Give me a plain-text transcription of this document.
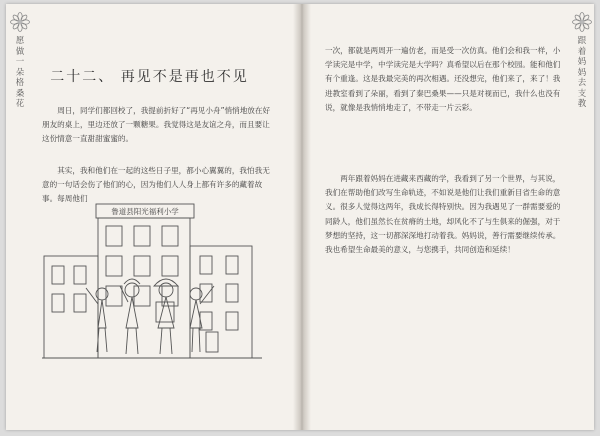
愿做一朵格桑花
二十二、 再见不是再也不见

周日，同学们都回校了，我提前折好了“再见小舟”悄悄地放在好朋友的桌上，里边还放了一颗糖果。我觉得这是友谊之舟，而且要让这份情意一直甜甜蜜蜜的。

其实，我和他们在一起的这些日子里，都小心翼翼的，我怕我无意的一句话会伤了他们的心，因为他们人人身上都有许多的藏着故事。每周他们

鲁道县阳光福利小学

一次，都就是两周开一遍仿老，而是受一次仿真。他们会和我一样，小学读完是中学，中学读完是大学吗？真希望以后在那个校园。能和他们有个重逢。这是我最完美的再次相遇。还没想完，他们来了，来了！我进教室看到了朵丽，看到了秦巴桑果——只是对视而已，我什么也没有说，就像是我悄悄地走了，不带走一片云彩。

两年跟着妈妈在进藏来西藏的学，我看到了另一个世界，与其说，我们在帮助他们改写生命轨迹，不如说是他们让我们重新目省生命的意义。很多人觉得这两年，我成长得特别快。因为我遇见了一群需要爱的同龄人，他们虽然长在贫瘠的土地，却风化不了与生俱来的倔强，对于梦想的坚持，这一切都深深地打动着我。妈妈说，善行需要继续传承。我也希望生命最美的意义，与您携手，共同创造和延续！

跟着妈妈去支教
